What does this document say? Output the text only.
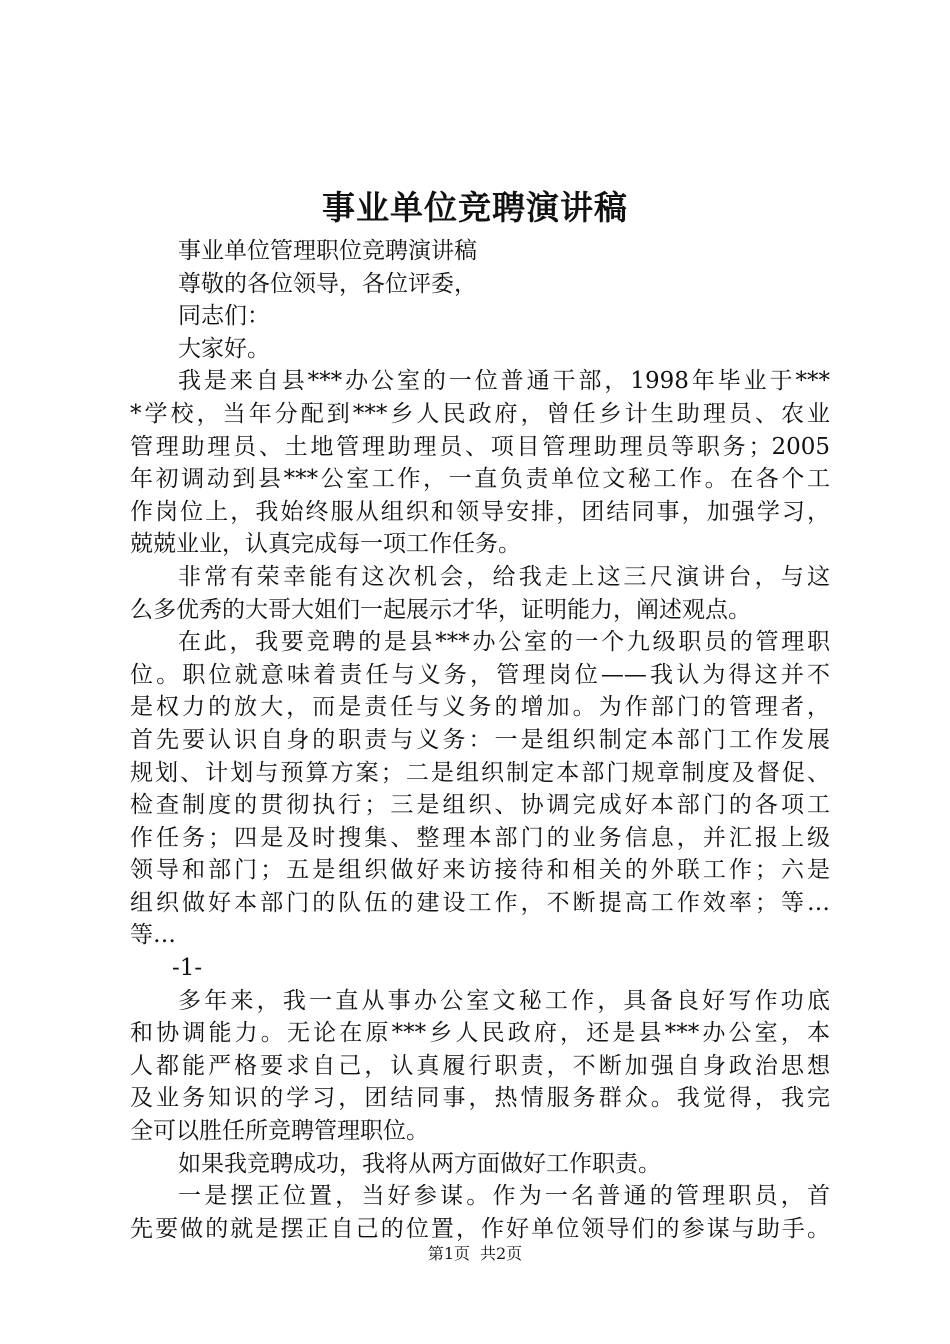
事业单位竞聘演讲稿
事业单位管理职位竞聘演讲稿
尊敬的各位领导，各位评委，
同志们：
大家好。
我是来自县***办公室的一位普通干部，1998年毕业于***
*学校，当年分配到***乡人民政府，曾任乡计生助理员、农业
管理助理员、土地管理助理员、项目管理助理员等职务；2005
年初调动到县***公室工作，一直负责单位文秘工作。在各个工
作岗位上，我始终服从组织和领导安排，团结同事，加强学习，
兢兢业业，认真完成每一项工作任务。
非常有荣幸能有这次机会，给我走上这三尺演讲台，与这
么多优秀的大哥大姐们一起展示才华，证明能力，阐述观点。
在此，我要竞聘的是县***办公室的一个九级职员的管理职
位。职位就意味着责任与义务，管理岗位——我认为得这并不
是权力的放大，而是责任与义务的增加。为作部门的管理者，
首先要认识自身的职责与义务：一是组织制定本部门工作发展
规划、计划与预算方案；二是组织制定本部门规章制度及督促、
检查制度的贯彻执行；三是组织、协调完成好本部门的各项工
作任务；四是及时搜集、整理本部门的业务信息，并汇报上级
领导和部门；五是组织做好来访接待和相关的外联工作；六是
组织做好本部门的队伍的建设工作，不断提高工作效率；等…
等…
-1-
多年来，我一直从事办公室文秘工作，具备良好写作功底
和协调能力。无论在原***乡人民政府，还是县***办公室，本
人都能严格要求自己，认真履行职责，不断加强自身政治思想
及业务知识的学习，团结同事，热情服务群众。我觉得，我完
全可以胜任所竞聘管理职位。
如果我竞聘成功，我将从两方面做好工作职责。
一是摆正位置，当好参谋。作为一名普通的管理职员，首
先要做的就是摆正自己的位置，作好单位领导们的参谋与助手。
第1页 共2页
